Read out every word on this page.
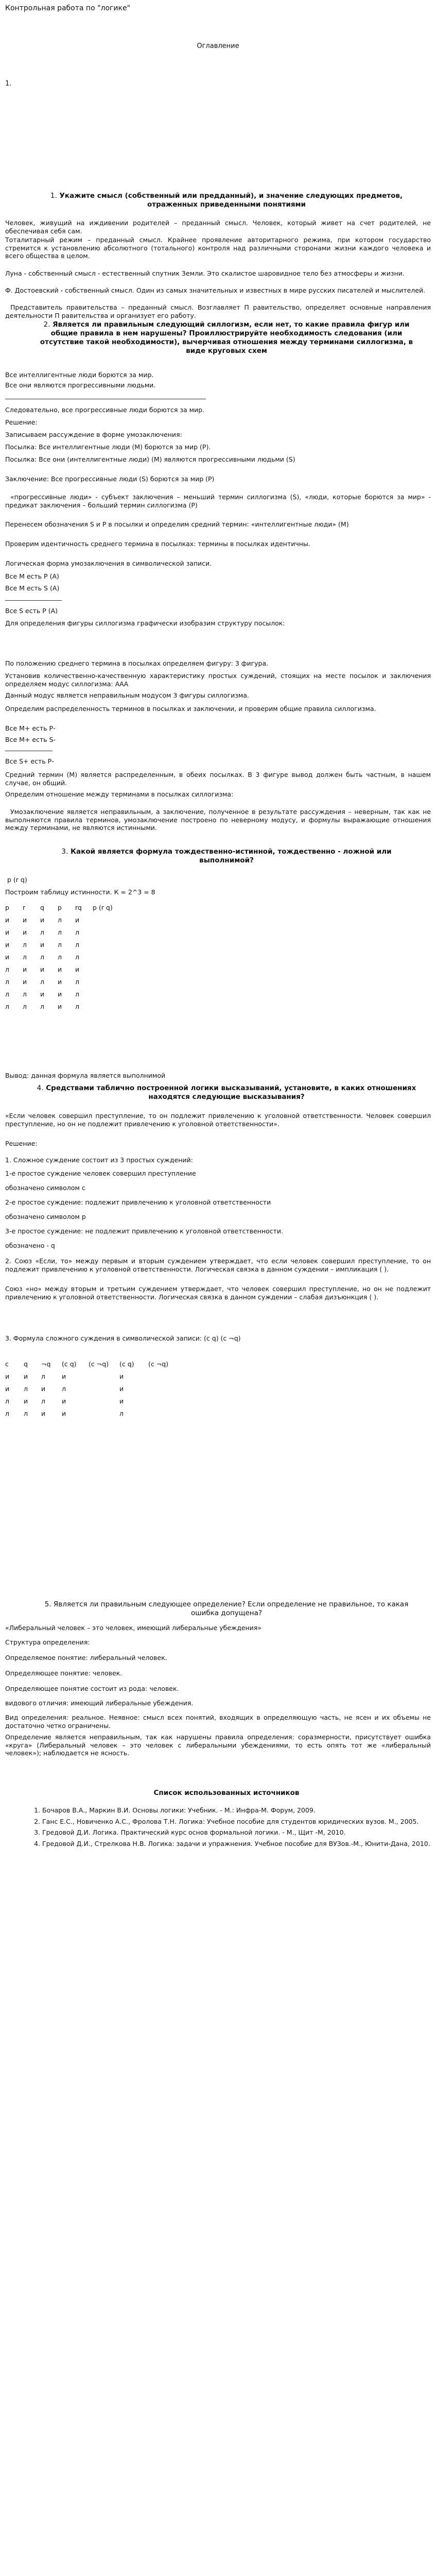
Контрольная работа по "логике"
Оглавление
1.
1. Укажите смысл (собственный или предданный), и значение следующих предметов, отраженных приведенными понятиями

Человек, живущий на иждивении родителей – преданный смысл. Человек, который живет на счет родителей, не обеспечивая себя сам.

Тоталитарный режим – преданный смысл. Крайнее проявление авторитарного режима, при котором государство стремится к установлению абсолютного (тотального) контроля над различными сторонами жизни каждого человека и всего общества в целом.

Луна - собственный смысл - естественный спутник Земли. Это скалистое шаровидное тело без атмосферы и жизни.

Ф. Достоевский - собственный смысл. Один из самых значительных и известных в мире русских писателей и мыслителей.

Представитель правительства – преданный смысл. Возглавляет П равительство, определяет основные направления деятельности П равительства и организует его работу.

2. Является ли правильным следующий силлогизм, если нет, то какие правила фигур или общие правила в нем нарушены? Проиллюстрируйте необходимость следования (или отсутствие такой необходимости), вычерчивая отношения между терминами силлогизма, в виде круговых схем
Все интеллигентные люди борются за мир.
Все они являются прогрессивными людьми.
Следовательно, все прогрессивные люди борются за мир.
Решение:
Записываем рассуждение в форме умозаключения:
Посылка: Все интеллигентные люди (М) борются за мир (Р).

Посылка: Все они (интеллигентные люди) (М) являются прогрессивными людьми (S)

Заключение: Все прогрессивные люди (S) борются за мир (Р)

«прогрессивные люди» - субъект заключения – меньший термин силлогизма (S), «люди, которые борются за мир» - предикат заключения – больший термин силлогизма (Р)

Перенесем обозначения S и Р в посылки и определим средний термин: «интеллигентные люди» (М)

Проверим идентичность среднего термина в посылках: термины в посылках идентичны.

Логическая форма умозаключения в символической записи.
Все М есть Р (А)
Все М есть S (А)
Все S есть Р (А)

Для определения фигуры силлогизма графически изобразим структуру посылок:

По положению среднего термина в посылках определяем фигуру: 3 фигура.

Установив количественно-качественную характеристику простых суждений, стоящих на месте посылок и заключения определяем модус силлогизма: ААА

Данный модус является неправильным модусом 3 фигуры силлогизма.

Определим распределенность терминов в посылках и заключении, и проверим общие правила силлогизма.

Все М+ есть Р-
Все М+ есть S-
Все S+ есть Р-

Средний термин (М) является распределенным, в обеих посылках. В 3 фигуре вывод должен быть частным, в нашем случае, он общий.

Определим отношение между терминами в посылках силлогизма:

Умозаключение является неправильным, а заключение, полученное в результате рассуждения – неверным, так как не выполняются правила терминов, умозаключение построено по неверному модусу, и формулы выражающие отношения между терминами, не являются истинными.

3. Какой является формула тождественно-истинной, тождественно - ложной или выполнимой?
p (r q)
Построим таблицу истинности. К = 2^3 = 8
р	r	q	р	rq	р (r q)
и	и	и	л	и	
и	и	л	л	л	
и	л	и	л	л	
и	л	л	л	л	
л	и	и	и	и	
л	и	л	и	л	
л	л	и	и	л	
л	л	л	и	л	
Вывод: данная формула является выполнимой
4. Средствами таблично построенной логики высказываний, установите, в каких отношениях находятся следующие высказывания?

«Если человек совершил преступление, то он подлежит привлечению к уголовной ответственности. Человек совершил преступление, но он не подлежит привлечению к уголовной ответственности».

Решение:
1. Сложное суждение состоит из 3 простых суждений:
1-е простое суждение человек совершил преступление
обозначено символом с
2-е простое суждение: подлежит привлечению к уголовной ответственности
обозначено символом р
3-е простое суждение: не подлежит привлечению к уголовной ответственности.
обозначено - q

2. Союз «Если, то» между первым и вторым суждением утверждает, что если человек совершил преступление, то он подлежит привлечению к уголовной ответственности. Логическая связка в данном суждении – импликация ( ).

Союз «но» между вторым и третьим суждением утверждает, что человек совершил преступление, но он не подлежит привлечению к уголовной ответственности. Логическая связка в данном суждении – слабая дизъюнкция ( ).

3. Формула сложного суждения в символической записи: (c q) (c ¬q)
c	q	¬q	(c q)	(c ¬q)	(c q)	(c ¬q)
и	и	л	и		и	
и	л	и	л		и	
л	и	л	и		и	
л	л	и	и		л	
5. Является ли правильным следующее определение? Если определение не правильное, то какая ошибка допущена?
«Либеральный человек – это человек, имеющий либеральные убеждения»
Структура определения:
Определяемое понятие: либеральный человек.
Определяющее понятие: человек.
Определяющее понятие состоит из рода: человек.
видового отличия: имеющий либеральные убеждения.

Вид определения: реальное. Неявное: смысл всех понятий, входящих в определяющую часть, не ясен и их объемы не достаточно четко ограничены.

Определение является неправильным, так как нарушены правила определения: соразмерности, присутствует ошибка «круга» (Либеральный человек – это человек с либеральными убеждениями, то есть опять тот же «либеральный человек»); наблюдается не ясность.

Список использованных источников
1. Бочаров В.А., Маркин В.И. Основы логики: Учебник. - М.: Инфра-М. Форум, 2009.
2. Ганс Е.С., Новиченко А.С., Фролова Т.Н. Логика: Учебное пособие для студентов юридических вузов. М., 2005.
3. Гредовой Д.И. Логика. Практический курс основ формальной логики. - М., Щит -М, 2010.
4. Гредовой Д.И., Стрелкова Н.В. Логика: задачи и упражнения. Учебное пособие для ВУЗов.-М., Юнити-Дана, 2010.
